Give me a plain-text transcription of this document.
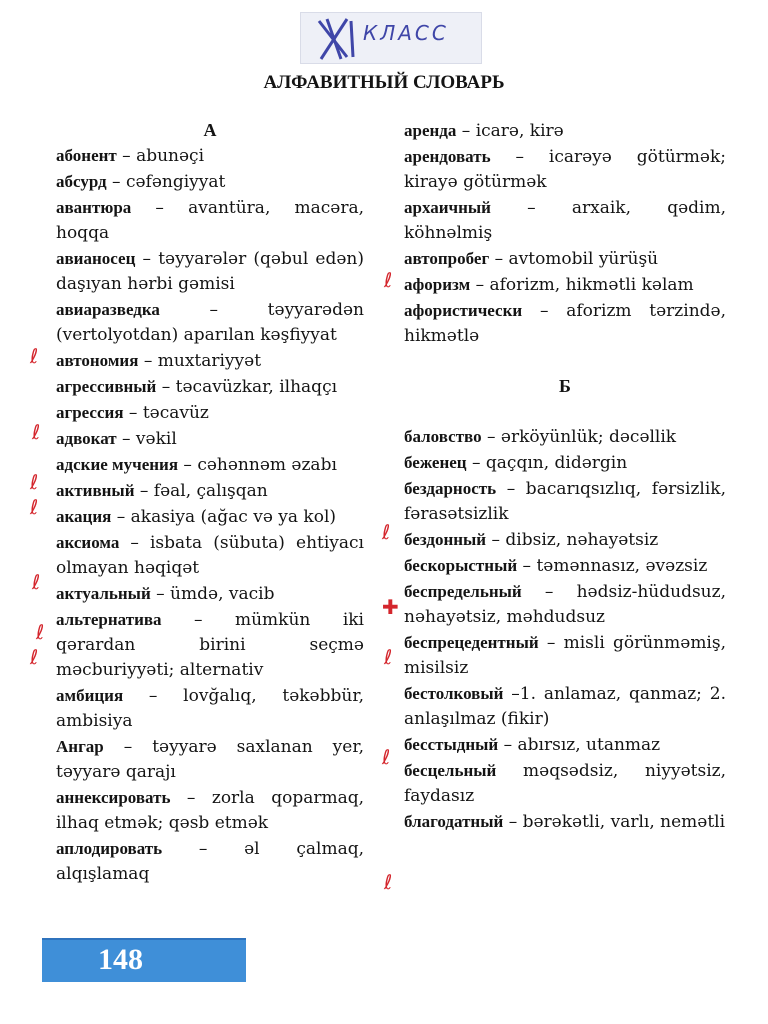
КЛАСС
АЛФАВИТНЫЙ СЛОВАРЬ
А
абонент – abunəçi
абсурд – cəfəngiyyat
авантюра – avantüra, macəra, hoqqa
авианосец – təyyarələr (qəbul edən) daşıyan hərbi gəmisi
авиаразведка – təyyarədən (vertolyotdan) aparılan kəşfiyyat
автономия – muxtariyyət
агрессивный – təcavüzkar, ilhaqçı
агрессия – təcavüz
адвокат – vəkil
адские мучения – cəhənnəm əzabı
активный – fəal, çalışqan
акация – akasiya (ağac və ya kol)
аксиома – isbata (sübuta) ehtiyacı olmayan həqiqət
актуальный – ümdə, vacib
альтернатива – mümkün iki qərardan birini seçmə məcburiyyəti; alternativ
амбиция – lovğalıq, təkəbbür, ambisiya
Ангар – təyyarə saxlanan yer, təyyarə qarajı
аннексировать – zorla qoparmaq, ilhaq etmək; qəsb etmək
аплодировать – əl çalmaq, alqışlamaq
аренда – icarə, kirə
арендовать – icarəyə götürmək; kirayə götürmək
архаичный – arxaik, qədim, köhnəlmiş
автопробег – avtomobil yürüşü
афоризм – aforizm, hikmətli kəlam
афористически – aforizm tərzində, hikmətlə
Б
баловство – ərköyünlük; dəcəllik
беженец – qaçqın, didərgin
бездарность – bacarıqsızlıq, fərsizlik, fərasətsizlik
бездонный – dibsiz, nəhayətsiz
бескорыстный – təmənnasız, əvəzsiz
беспредельный – hədsiz-hüdudsuz, nəhayətsiz, məhdudsuz
беспрецедентный – misli görünməmiş, misilsiz
бестолковый –1. anlamaz, qanmaz; 2. anlaşılmaz (fikir)
бесстыдный – abırsız, utanmaz
бесцельный məqsədsiz, niyyətsiz, faydasız
благодатный – bərəkətli, varlı, nemətli
ℓ
ℓ
ℓ
ℓ
ℓ
ℓ
ℓ
ℓ
ℓ
✚
ℓ
ℓ
ℓ
148
